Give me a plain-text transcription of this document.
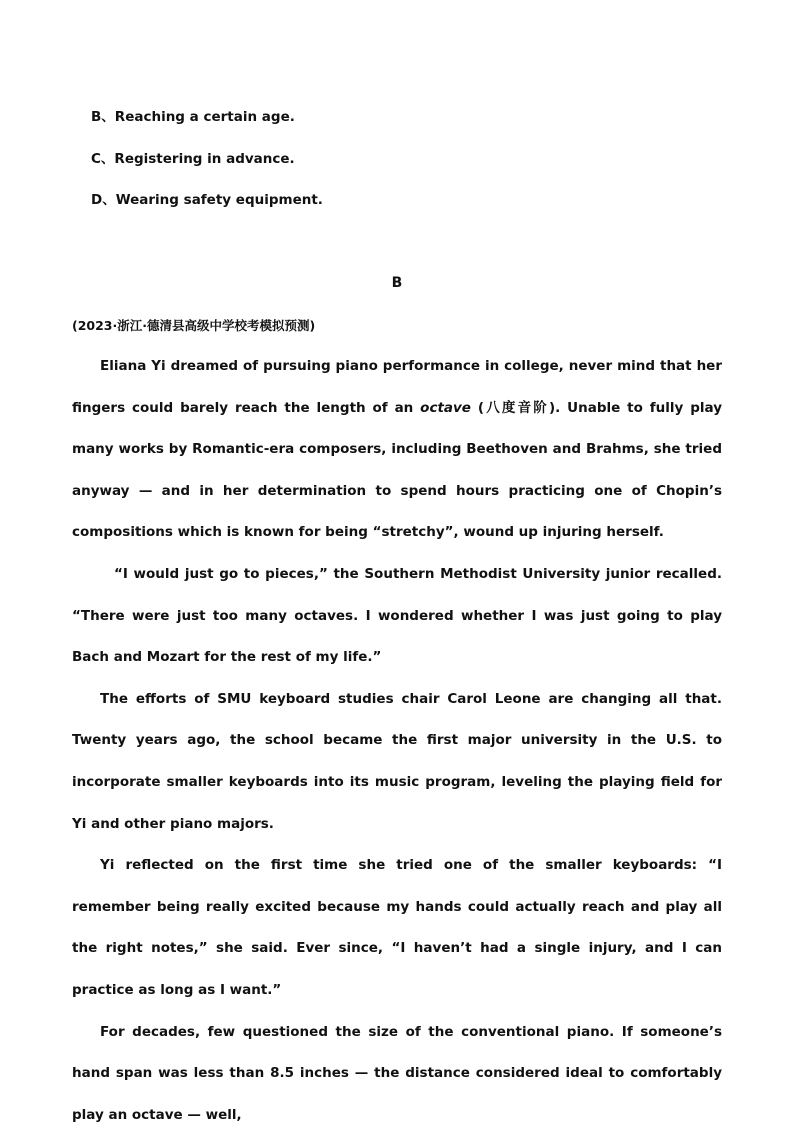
B、Reaching a certain age.
C、Registering in advance.
D、Wearing safety equipment.
B
(2023·浙江·德清县高级中学校考模拟预测)

Eliana Yi dreamed of pursuing piano performance in college, never mind that her fingers could barely reach the length of an octave (八度音阶). Unable to fully play many works by Romantic-era composers, including Beethoven and Brahms, she tried anyway — and in her determination to spend hours practicing one of Chopin’s compositions which is known for being “stretchy”, wound up injuring herself.

“I would just go to pieces,” the Southern Methodist University junior recalled. “There were just too many octaves. I wondered whether I was just going to play Bach and Mozart for the rest of my life.”

The efforts of SMU keyboard studies chair Carol Leone are changing all that. Twenty years ago, the school became the first major university in the U.S. to incorporate smaller keyboards into its music program, leveling the playing field for Yi and other piano majors.

Yi reflected on the first time she tried one of the smaller keyboards: “I remember being really excited because my hands could actually reach and play all the right notes,” she said. Ever since, “I haven’t had a single injury, and I can practice as long as I want.”

For decades, few questioned the size of the conventional piano. If someone’s hand span was less than 8.5 inches — the distance considered ideal to comfortably play an octave — well,
